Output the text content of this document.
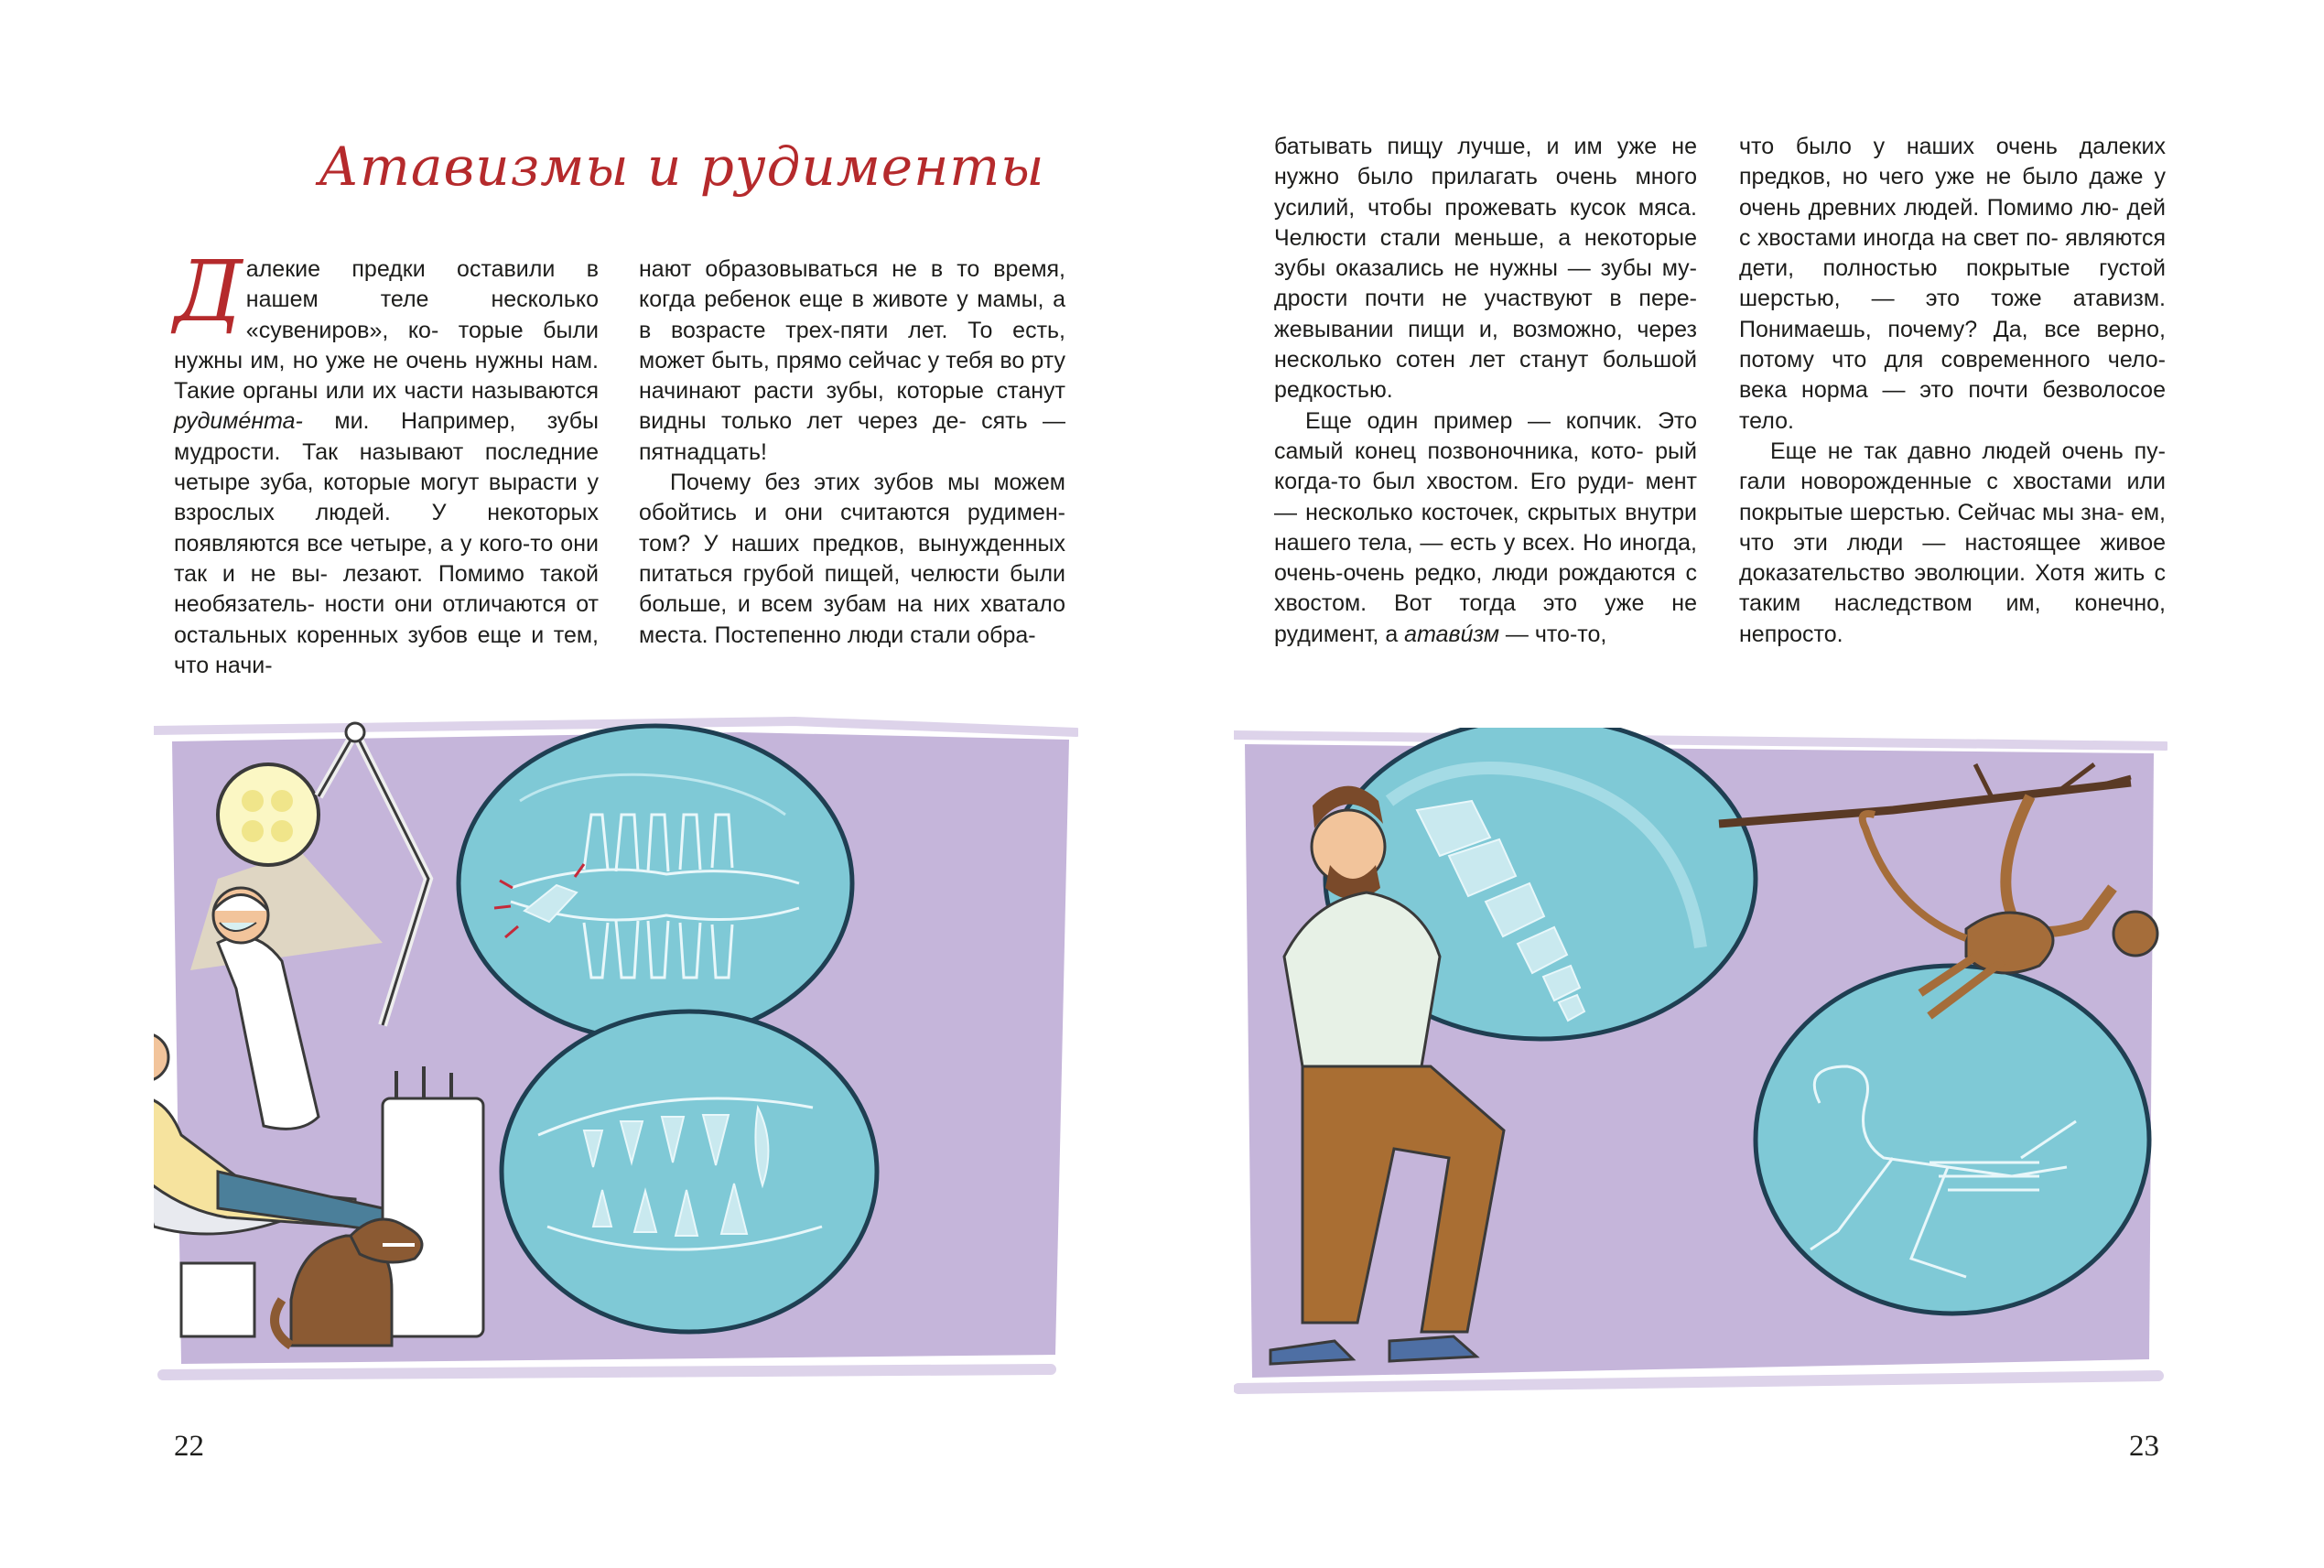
Атавизмы и рудименты
Д алекие предки оставили в нашем	теле несколько «сувениров», ко- торые были нужны им, но уже не очень нужны нам. Такие органы или их части называются рудимéнта- ми. Например, зубы мудрости. Так называют последние четыре зуба, которые могут вырасти у взрослых людей. У некоторых появляются все четыре, а у кого-то они так и не вы- лезают. Помимо такой необязатель- ности они отличаются от остальных коренных зубов еще и тем, что начи-

нают образовываться не в то время, когда ребенок еще в животе у мамы, а в возрасте трех-пяти лет. То есть, может быть, прямо сейчас у тебя во рту начинают расти зубы, которые станут видны только лет через де- сять — пятнадцать!

Почему без этих зубов мы можем обойтись и они считаются рудимен- том? У наших предков, вынужденных питаться грубой пищей, челюсти были больше, и всем зубам на них хватало места. Постепенно люди стали обра-

22

батывать пищу лучше, и им уже не нужно было прилагать очень много усилий, чтобы прожевать кусок мяса. Челюсти стали меньше, а некоторые зубы оказались не нужны — зубы му- дрости почти не участвуют в пере- жевывании пищи и, возможно, через несколько сотен лет станут большой редкостью.

Еще один пример — копчик. Это самый конец позвоночника, кото- рый когда-то был хвостом. Его руди- мент — несколько косточек, скрытых внутри нашего тела, — есть у всех. Но иногда, очень-очень редко, люди рождаются с хвостом. Вот тогда это уже не рудимент, а атавúзм — что-то,

что было у наших очень далеких предков, но чего уже не было даже у очень древних людей. Помимо лю- дей с хвостами иногда на свет по- являются дети, полностью покрытые густой шерстью, — это тоже атавизм. Понимаешь, почему? Да, все верно, потому что для современного чело- века норма — это почти безволосое тело.

Еще не так давно людей очень пу- гали новорожденные с хвостами или покрытые шерстью. Сейчас мы зна- ем, что эти люди — настоящее живое доказательство эволюции. Хотя жить с таким наследством им, конечно, непросто.

23
